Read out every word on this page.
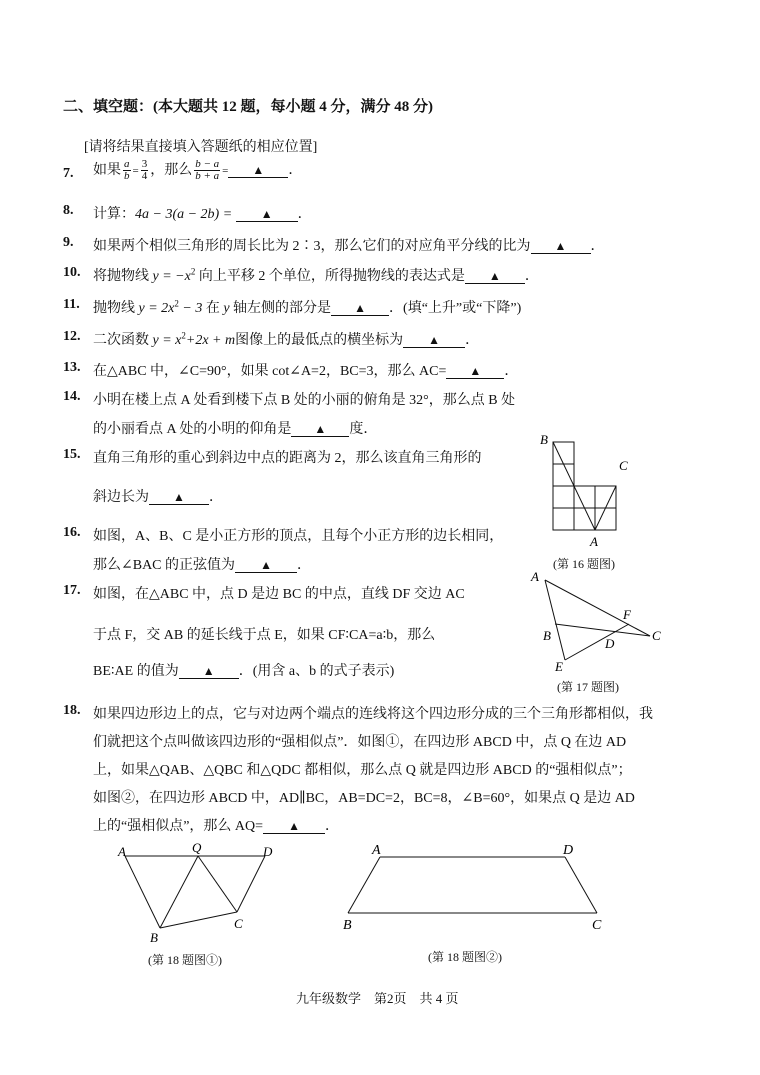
二、填空题：(本大题共 12 题，每小题 4 分，满分 48 分)
[请将结果直接填入答题纸的相应位置]
7. 如果 $\frac{a}{b} = \frac{3}{4}$ ，那么 $\frac{b - a}{b + a}$ = ▲ ．
8. 计算：4a − 3(a − 2b) = ▲ ．
9. 如果两个相似三角形的周长比为 2∶3，那么它们的对应角平分线的比为 ▲ ．
10. 将抛物线 $y = -x^2$ 向上平移 2 个单位，所得抛物线的表达式是 ▲ ．
11. 抛物线 $y = 2x^2 - 3$ 在 y 轴左侧的部分是 ▲ ．(填“上升”或“下降”)
12. 二次函数 $y = x^2+2x + m$图像上的最低点的横坐标为 ▲ ．
13. 在△ABC 中，∠C=90°，如果 cot∠A=2，BC=3，那么 AC= ▲ ．
14. 小明在楼上点 A 处看到楼下点 B 处的小丽的俯角是 32°，那么点 B 处
的小丽看点 A 处的小明的仰角是 ▲ 度．
15. 直角三角形的重心到斜边中点的距离为 2，那么该直角三角形的
斜边长为 ▲ ．
16. 如图，A、B、C 是小正方形的顶点，且每个小正方形的边长相同，
那么∠BAC 的正弦值为 ▲ ．
B
C
A
(第 16 题图)
17. 如图，在△ABC 中，点 D 是边 BC 的中点，直线 DF 交边 AC
于点 F，交 AB 的延长线于点 E，如果 CF∶CA=a∶b，那么
BE∶AE 的值为 ▲ ．(用含 a、b 的式子表示)
A
B	C
D
E
F
(第 17 题图)
18. 如果四边形边上的点，它与对边两个端点的连线将这个四边形分成的三个三角形都相似，我
们就把这个点叫做该四边形的“强相似点”．如图①，在四边形 ABCD 中，点 Q 在边 AD
上，如果△QAB、△QBC 和△QDC 都相似，那么点 Q 就是四边形 ABCD 的“强相似点”；
如图②，在四边形 ABCD 中，AD∥BC，AB=DC=2，BC=8，∠B=60°，如果点 Q 是边 AD
上的“强相似点”，那么 AQ= ▲ ．
A	Q	D
B
C
(第 18 题图①)
A	D
B	C
(第 18 题图②)
九年级数学　第2页　共 4 页
